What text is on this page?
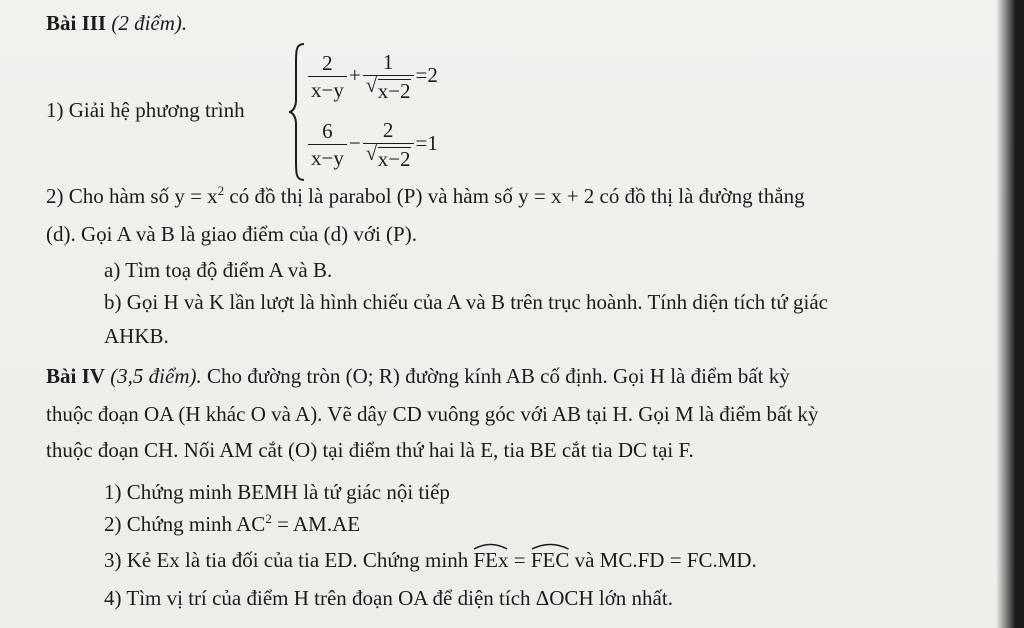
Bài III (2 điểm).
1) Giải hệ phương trình
$\frac{2}{x-y} + \frac{1}{√ x-2} =2$
$\frac{6}{x-y} - \frac{2}{√ x-2} =1$
2) Cho hàm số $y = x^2$ có đồ thị là parabol (P) và hàm số y = x + 2 có đồ thị là đường thẳng
(d). Gọi A và B là giao điểm của (d) với (P).
a) Tìm toạ độ điểm A và B.
b) Gọi H và K lần lượt là hình chiếu của A và B trên trục hoành. Tính diện tích tứ giác
AHKB.
Bài IV (3,5 điểm). Cho đường tròn (O; R) đường kính AB cố định. Gọi H là điểm bất kỳ
thuộc đoạn OA (H khác O và A). Vẽ dây CD vuông góc với AB tại H. Gọi M là điểm bất kỳ
thuộc đoạn CH. Nối AM cắt (O) tại điểm thứ hai là E, tia BE cắt tia DC tại F.
1) Chứng minh BEMH là tứ giác nội tiếp
2) Chứng minh $AC^2 = AM.AE$
3) Kẻ Ex là tia đối của tia ED. Chứng minh
FEx =
FEC và MC.FD = FC.MD.
4) Tìm vị trí của điểm H trên đoạn OA để diện tích ΔOCH lớn nhất.
